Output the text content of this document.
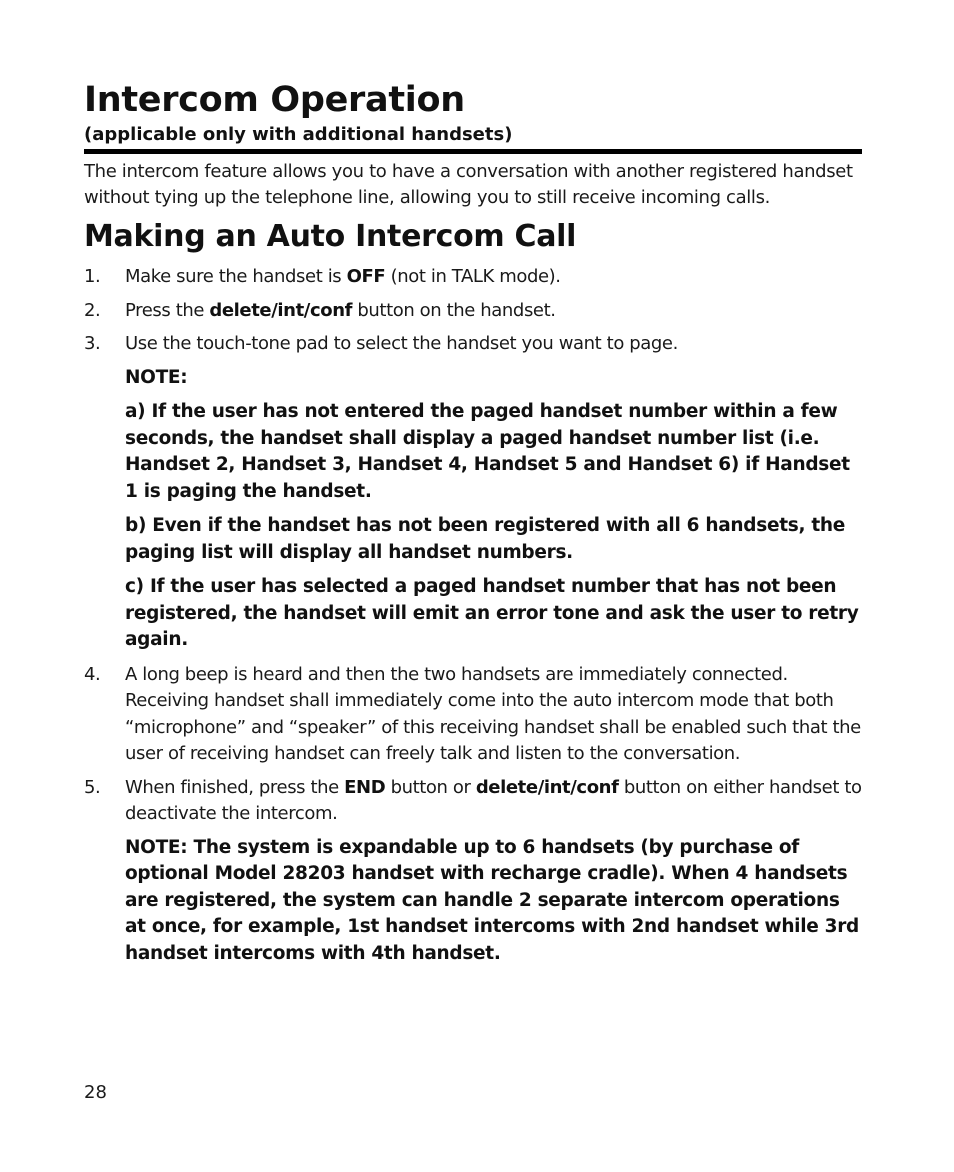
Intercom Operation
(applicable only with additional handsets)
The intercom feature allows you to have a conversation with another registered handset without tying up the telephone line, allowing you to still receive incoming calls.
Making an Auto Intercom Call
1. Make sure the handset is OFF (not in TALK mode).
2. Press the delete/int/conf button on the handset.
3. Use the touch-tone pad to select the handset you want to page.
NOTE:
a) If the user has not entered the paged handset number within a few seconds, the handset shall display a paged handset number list (i.e. Handset 2, Handset 3, Handset 4, Handset 5 and Handset 6) if Handset 1 is paging the handset.
b) Even if the handset has not been registered with all 6 handsets, the paging list will display all handset numbers.
c) If the user has selected a paged handset number that has not been registered, the handset will emit an error tone and ask the user to retry again.
4. A long beep is heard and then the two handsets are immediately connected. Receiving handset shall immediately come into the auto intercom mode that both “microphone” and “speaker” of this receiving handset shall be enabled such that the user of receiving handset can freely talk and listen to the conversation.
5. When finished, press the END button or delete/int/conf button on either handset to deactivate the intercom.
NOTE: The system is expandable up to 6 handsets (by purchase of optional Model 28203 handset with recharge cradle). When 4 handsets are registered, the system can handle 2 separate intercom operations at once, for example, 1st handset intercoms with 2nd handset while 3rd handset intercoms with 4th handset.
28
